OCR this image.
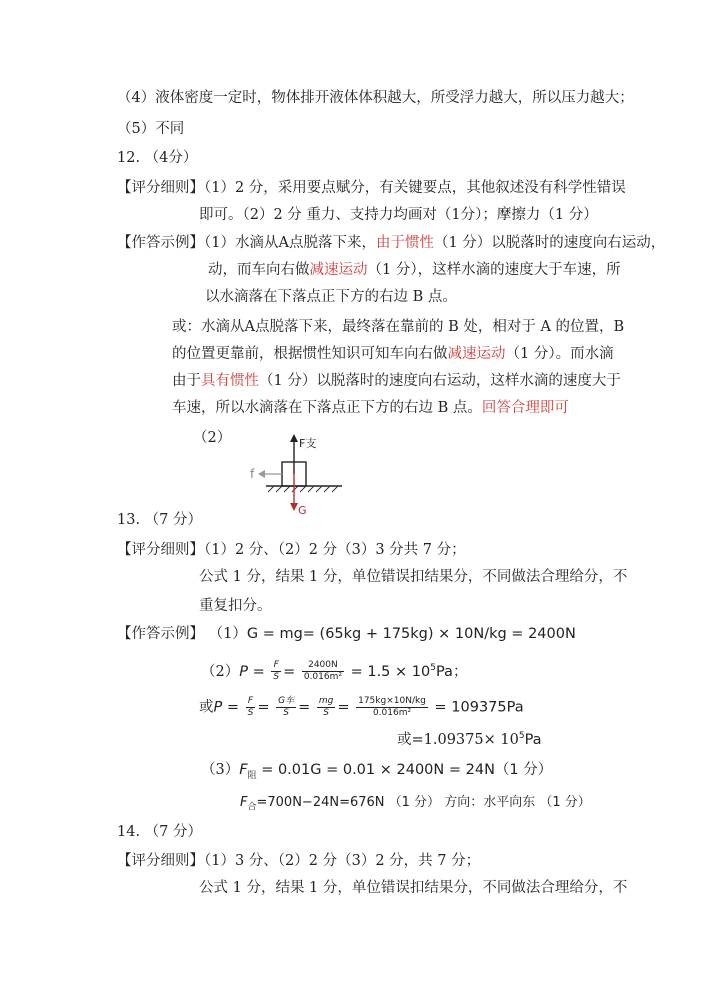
（4）液体密度一定时，物体排开液体体积越大，所受浮力越大，所以压力越大；
（5）不同
12. （4分）
【评分细则】（1）2 分，采用要点赋分，有关键要点，其他叙述没有科学性错误
即可。（2）2 分 重力、支持力均画对（1分）；摩擦力（1 分）
【作答示例】（1）水滴从A点脱落下来，由于惯性（1 分）以脱落时的速度向右运动，
动，而车向右做减速运动（1 分），这样水滴的速度大于车速，所
以水滴落在下落点正下方的右边 B 点。
或：水滴从A点脱落下来，最终落在靠前的 B 处，相对于 A 的位置，B
的位置更靠前，根据惯性知识可知车向右做减速运动（1 分）。而水滴
由于具有惯性（1 分）以脱落时的速度向右运动，这样水滴的速度大于
车速，所以水滴落在下落点正下方的右边 B 点。回答合理即可
（2）	F支
G
f
13. （7 分）
【评分细则】（1）2 分、（2）2 分（3）3 分共 7 分；
公式 1 分，结果 1 分，单位错误扣结果分，不同做法合理给分，不
重复扣分。
【作答示例】 （1）G = mg= (65kg + 175kg) × 10N/kg = 2400N
$(2)P = \frac{F}{S} = \frac{2400N}{\text{0.016m²}} = 1.5 \times 10^5Pa$；
或$P = \frac{F}{S} = \frac{\text{G车}}{S} = \frac{mg}{S} = \frac{175kg\times 10N/kg}{\text{0.016m²}} = 109375Pa$
或$=1.09375\times 10^5Pa$
$(3)F_阻 = 0.01G = 0.01 \times 2400N = 24N(1$ 分）
$F_合=700N-24N=676N$ （1 分） 方向：水平向东 （1 分）
14. （7 分）
【评分细则】（1）3 分、（2）2 分（3）2 分，共 7 分；
公式 1 分，结果 1 分，单位错误扣结果分，不同做法合理给分，不
